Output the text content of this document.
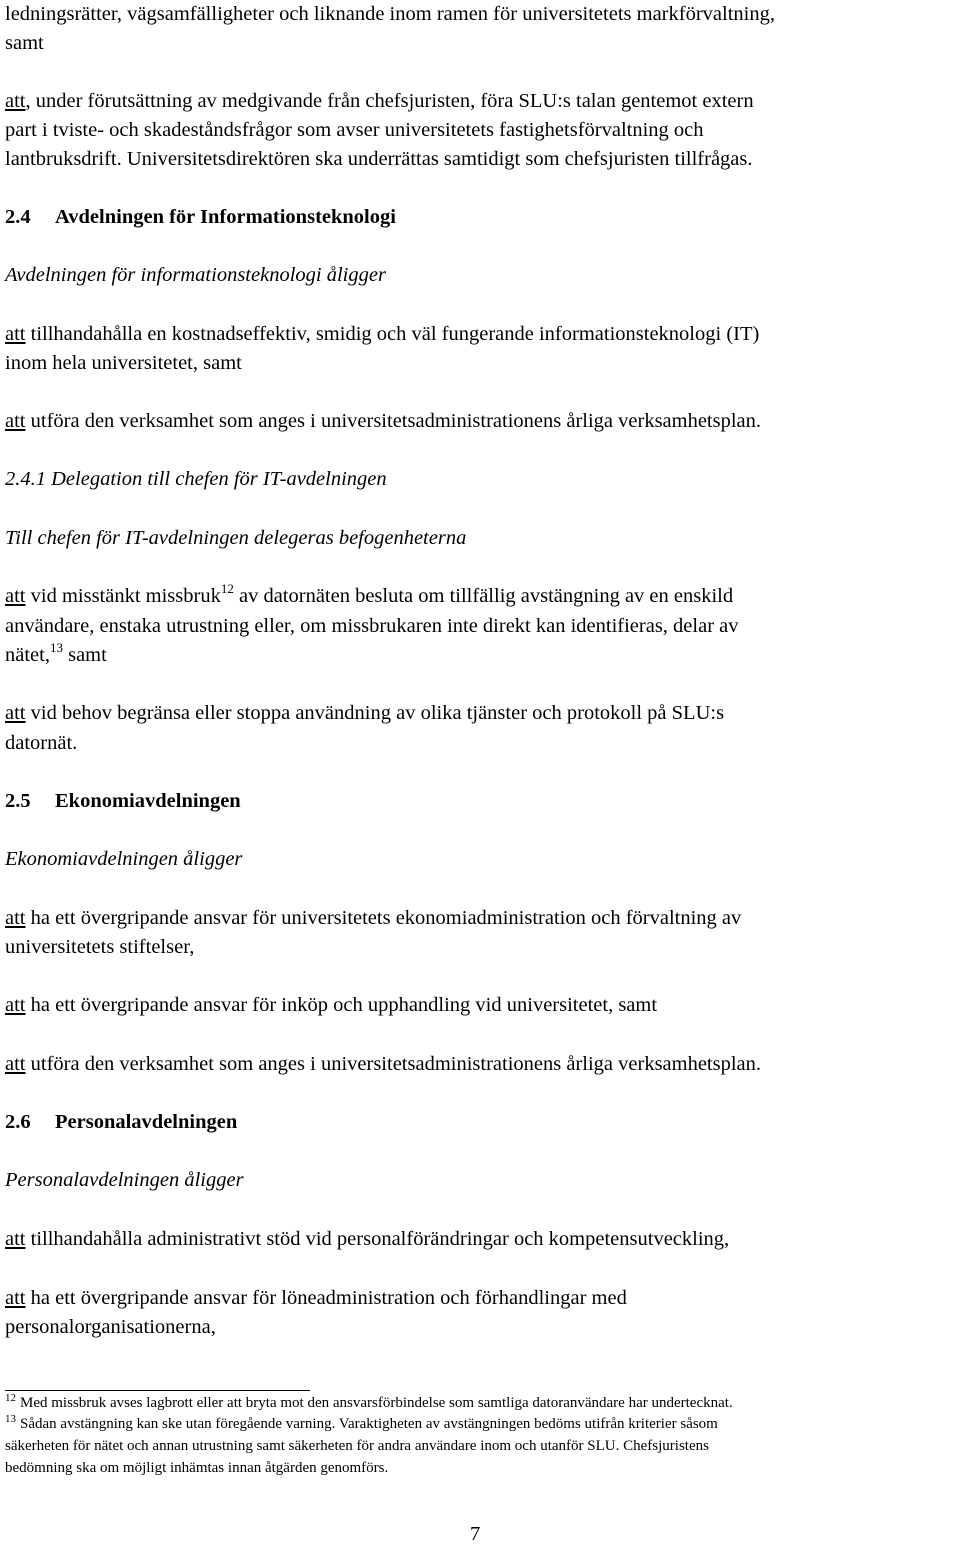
ledningsrätter, vägsamfälligheter och liknande inom ramen för universitetets markförvaltning,
samt
att, under förutsättning av medgivande från chefsjuristen, föra SLU:s talan gentemot extern
part i tviste- och skadeståndsfrågor som avser universitetets fastighetsförvaltning och
lantbruksdrift. Universitetsdirektören ska underrättas samtidigt som chefsjuristen tillfrågas.
2.4 Avdelningen för Informationsteknologi
Avdelningen för informationsteknologi åligger
att tillhandahålla en kostnadseffektiv, smidig och väl fungerande informationsteknologi (IT)
inom hela universitetet, samt
att utföra den verksamhet som anges i universitetsadministrationens årliga verksamhetsplan.
2.4.1 Delegation till chefen för IT-avdelningen
Till chefen för IT-avdelningen delegeras befogenheterna
att vid misstänkt missbruk$^{12}$ av datornäten besluta om tillfällig avstängning av en enskild
användare, enstaka utrustning eller, om missbrukaren inte direkt kan identifieras, delar av
nätet,$^{13}$ samt
att vid behov begränsa eller stoppa användning av olika tjänster och protokoll på SLU:s
datornät.
2.5 Ekonomiavdelningen
Ekonomiavdelningen åligger
att ha ett övergripande ansvar för universitetets ekonomiadministration och förvaltning av
universitetets stiftelser,
att ha ett övergripande ansvar för inköp och upphandling vid universitetet, samt
att utföra den verksamhet som anges i universitetsadministrationens årliga verksamhetsplan.
2.6 Personalavdelningen
Personalavdelningen åligger
att tillhandahålla administrativt stöd vid personalförändringar och kompetensutveckling,
att ha ett övergripande ansvar för löneadministration och förhandlingar med
personalorganisationerna,
$^{12}$ Med missbruk avses lagbrott eller att bryta mot den ansvarsförbindelse som samtliga datoranvändare har undertecknat.
$^{13}$ Sådan avstängning kan ske utan föregående varning. Varaktigheten av avstängningen bedöms utifrån kriterier såsom
säkerheten för nätet och annan utrustning samt säkerheten för andra användare inom och utanför SLU. Chefsjuristens
bedömning ska om möjligt inhämtas innan åtgärden genomförs.
7
